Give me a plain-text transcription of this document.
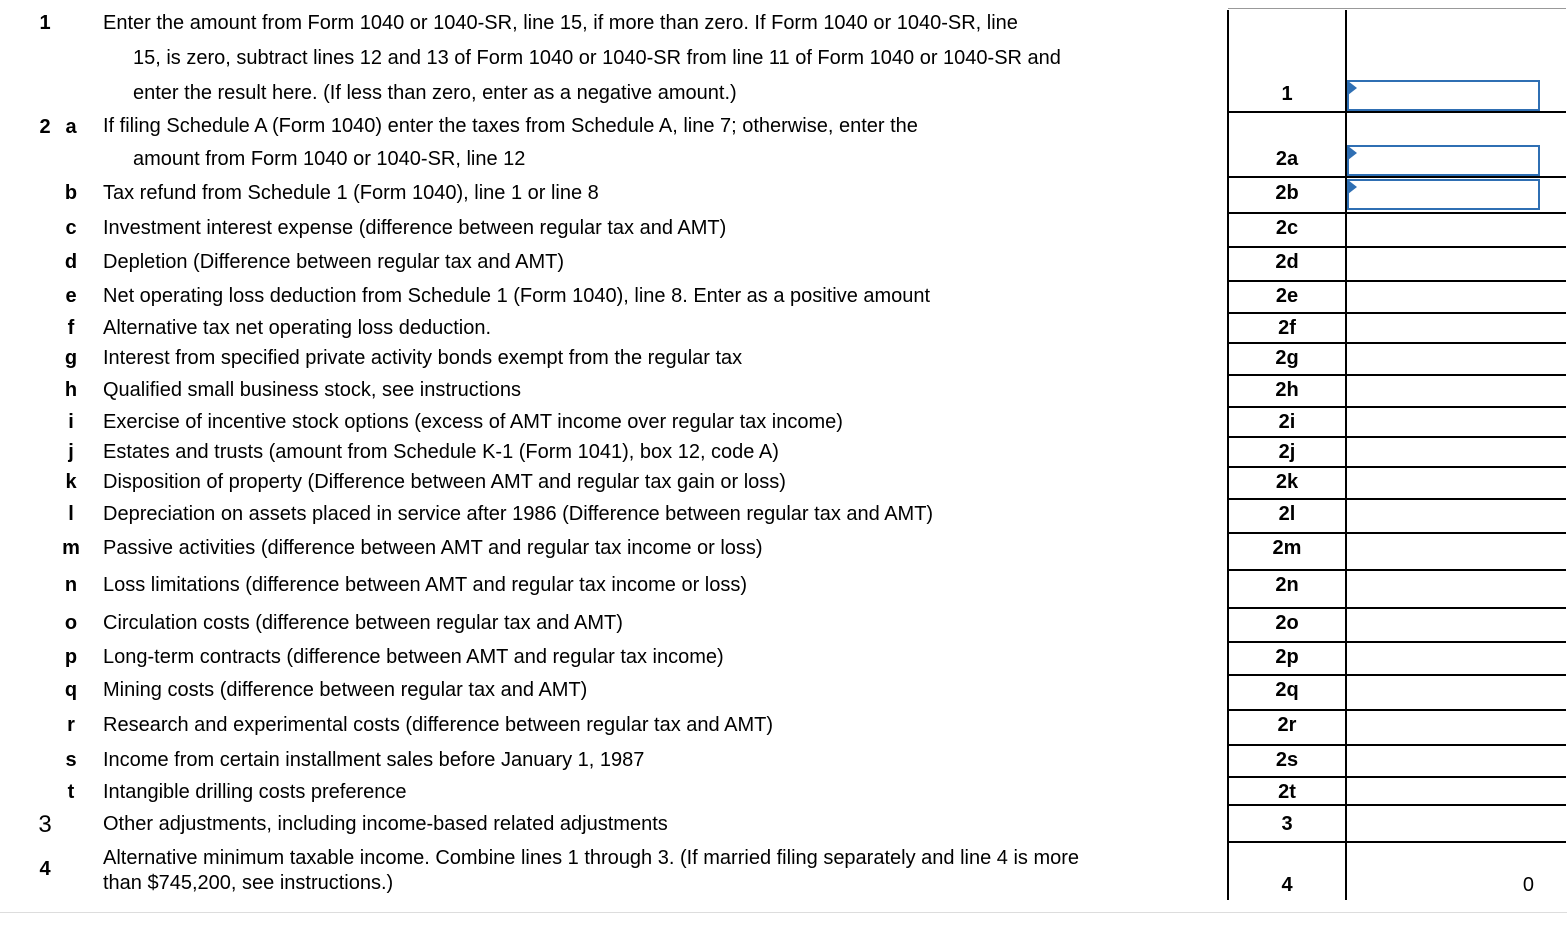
1	Enter the amount from Form 1040 or 1040-SR, line 15, if more than zero. If Form 1040 or 1040-SR, line
15, is zero, subtract lines 12 and 13 of Form 1040 or 1040-SR from line 11 of Form 1040 or 1040-SR and
enter the result here. (If less than zero, enter as a negative amount.)	1
2 a	If filing Schedule A (Form 1040) enter the taxes from Schedule A, line 7; otherwise, enter the
amount from Form 1040 or 1040-SR, line 12	2a
b	Tax refund from Schedule 1 (Form 1040), line 1 or line 8	2b
c	Investment interest expense (difference between regular tax and AMT)	2c
d	Depletion (Difference between regular tax and AMT)	2d
e	Net operating loss deduction from Schedule 1 (Form 1040), line 8. Enter as a positive amount	2e
f	Alternative tax net operating loss deduction.	2f
g	Interest from specified private activity bonds exempt from the regular tax	2g
h	Qualified small business stock, see instructions	2h
i	Exercise of incentive stock options (excess of AMT income over regular tax income)	2i
j	Estates and trusts (amount from Schedule K-1 (Form 1041), box 12, code A)	2j
k	Disposition of property (Difference between AMT and regular tax gain or loss)	2k
l	Depreciation on assets placed in service after 1986 (Difference between regular tax and AMT)	2l
m	Passive activities (difference between AMT and regular tax income or loss)	2m
n	Loss limitations (difference between AMT and regular tax income or loss)	2n
o	Circulation costs (difference between regular tax and AMT)	2o
p	Long-term contracts (difference between AMT and regular tax income)	2p
q	Mining costs (difference between regular tax and AMT)	2q
r	Research and experimental costs (difference between regular tax and AMT)	2r
s	Income from certain installment sales before January 1, 1987	2s
t	Intangible drilling costs preference	2t
3	Other adjustments, including income-based related adjustments	3
4	Alternative minimum taxable income. Combine lines 1 through 3. (If married filing separately and line 4 is more
than $745,200, see instructions.)	4	0
